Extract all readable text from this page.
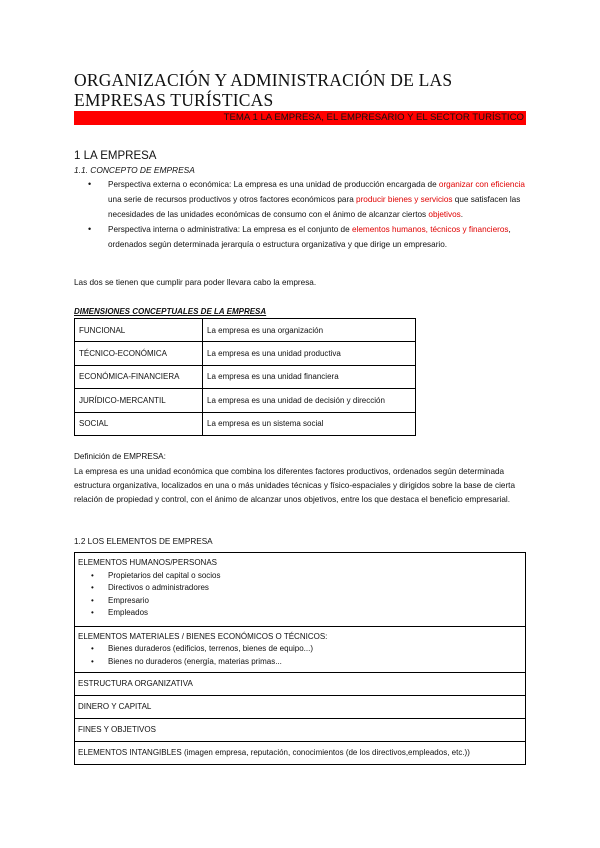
ORGANIZACIÓN Y ADMINISTRACIÓN DE LAS EMPRESAS TURÍSTICAS
TEMA 1 LA EMPRESA, EL EMPRESARIO Y EL SECTOR TURÍSTICO
1 LA EMPRESA
1.1. CONCEPTO DE EMPRESA
• Perspectiva externa o económica: La empresa es una unidad de producción encargada de organizar con eficiencia una serie de recursos productivos y otros factores económicos para producir bienes y servicios que satisfacen las necesidades de las unidades económicas de consumo con el ánimo de alcanzar ciertos objetivos.
• Perspectiva interna o administrativa: La empresa es el conjunto de elementos humanos, técnicos y financieros, ordenados según determinada jerarquía o estructura organizativa y que dirige un empresario.
Las dos se tienen que cumplir para poder llevara cabo la empresa.
DIMENSIONES CONCEPTUALES DE LA EMPRESA
FUNCIONAL	La empresa es una organización
TÉCNICO-ECONÓMICA	La empresa es una unidad productiva
ECONÓMICA-FINANCIERA	La empresa es una unidad financiera
JURÍDICO-MERCANTIL	La empresa es una unidad de decisión y dirección
SOCIAL	La empresa es un sistema social
Definición de EMPRESA:
La empresa es una unidad económica que combina los diferentes factores productivos, ordenados según determinada estructura organizativa, localizados en una o más unidades técnicas y físico-espaciales y dirigidos sobre la base de cierta relación de propiedad y control, con el ánimo de alcanzar unos objetivos, entre los que destaca el beneficio empresarial.
1.2 LOS ELEMENTOS DE EMPRESA
ELEMENTOS HUMANOS/PERSONAS
• Propietarios del capital o socios
• Directivos o administradores
• Empresario
• Empleados

ELEMENTOS MATERIALES / BIENES ECONÓMICOS O TÉCNICOS:
• Bienes duraderos (edificios, terrenos, bienes de equipo...)
• Bienes no duraderos (energía, materias primas...

ESTRUCTURA ORGANIZATIVA
DINERO Y CAPITAL
FINES Y OBJETIVOS
ELEMENTOS INTANGIBLES (imagen empresa, reputación, conocimientos (de los directivos,empleados, etc.))
